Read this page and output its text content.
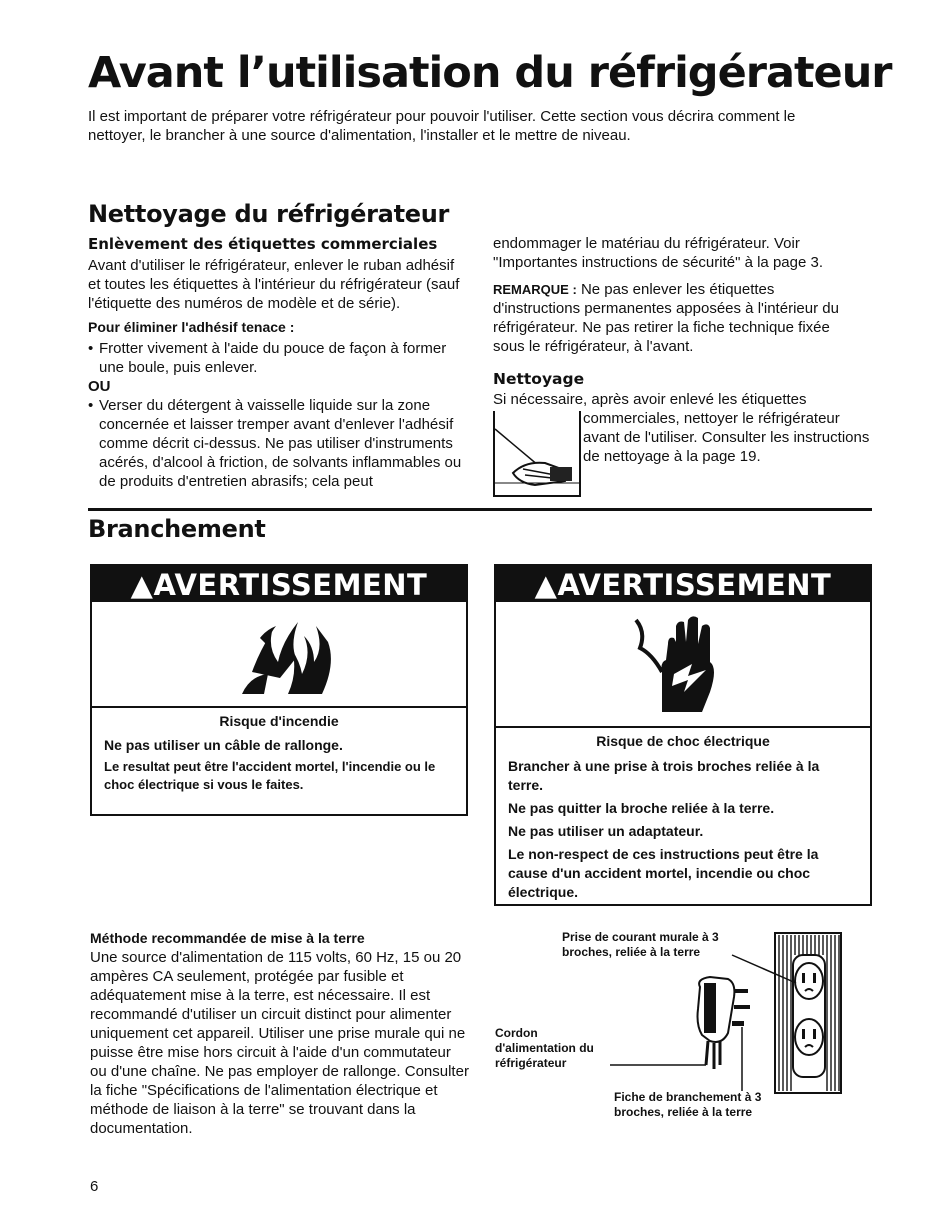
Avant l’utilisation du réfrigérateur
Il est important de préparer votre réfrigérateur pour pouvoir l'utiliser. Cette section vous décrira comment le nettoyer, le brancher à une source d'alimentation, l'installer et le mettre de niveau.
Nettoyage du réfrigérateur
Enlèvement des étiquettes commerciales

Avant d'utiliser le réfrigérateur, enlever le ruban adhésif et toutes les étiquettes à l'intérieur du réfrigérateur (sauf l'étiquette des numéros de modèle et de série).

Pour éliminer l'adhésif tenace :

• Frotter vivement à l'aide du pouce de façon à former une boule, puis enlever.

OU

• Verser du détergent à vaisselle liquide sur la zone concernée et laisser tremper avant d'enlever l'adhésif comme décrit ci-dessus. Ne pas utiliser d'instruments acérés, d'alcool à friction, de solvants inflammables ou de produits d'entretien abrasifs; cela peut

endommager le matériau du réfrigérateur. Voir "Importantes instructions de sécurité" à la page 3.

REMARQUE : Ne pas enlever les étiquettes d'instructions permanentes apposées à l'intérieur du réfrigérateur. Ne pas retirer la fiche technique fixée sous le réfrigérateur, à l'avant.

Nettoyage
Si nécessaire, après avoir enlevé les étiquettes
commerciales, nettoyer le réfrigérateur avant de l'utiliser. Consulter les instructions de nettoyage à la page 19.
Branchement
▲AVERTISSEMENT
Risque d'incendie

Ne pas utiliser un câble de rallonge.

Le resultat peut être l'accident mortel, l'incendie ou le choc électrique si vous le faites.

▲AVERTISSEMENT
Risque de choc électrique

Brancher à une prise à trois broches reliée à la terre.

Ne pas quitter la broche reliée à la terre.

Ne pas utiliser un adaptateur.

Le non-respect de ces instructions peut être la cause d'un accident mortel, incendie ou choc électrique.

Méthode recommandée de mise à la terre

Une source d'alimentation de 115 volts, 60 Hz, 15 ou 20 ampères CA seulement, protégée par fusible et adéquatement mise à la terre, est nécessaire. Il est recommandé d'utiliser un circuit distinct pour alimenter uniquement cet appareil. Utiliser une prise murale qui ne puisse être mise hors circuit à l'aide d'un commutateur ou d'une chaîne. Ne pas employer de rallonge. Consulter la fiche "Spécifications de l'alimentation électrique et méthode de liaison à la terre" se trouvant dans la documentation.

Prise de courant murale à 3 broches, reliée à la terre
Cordon d'alimentation du réfrigérateur
Fiche de branchement à 3 broches, reliée à la terre
6
